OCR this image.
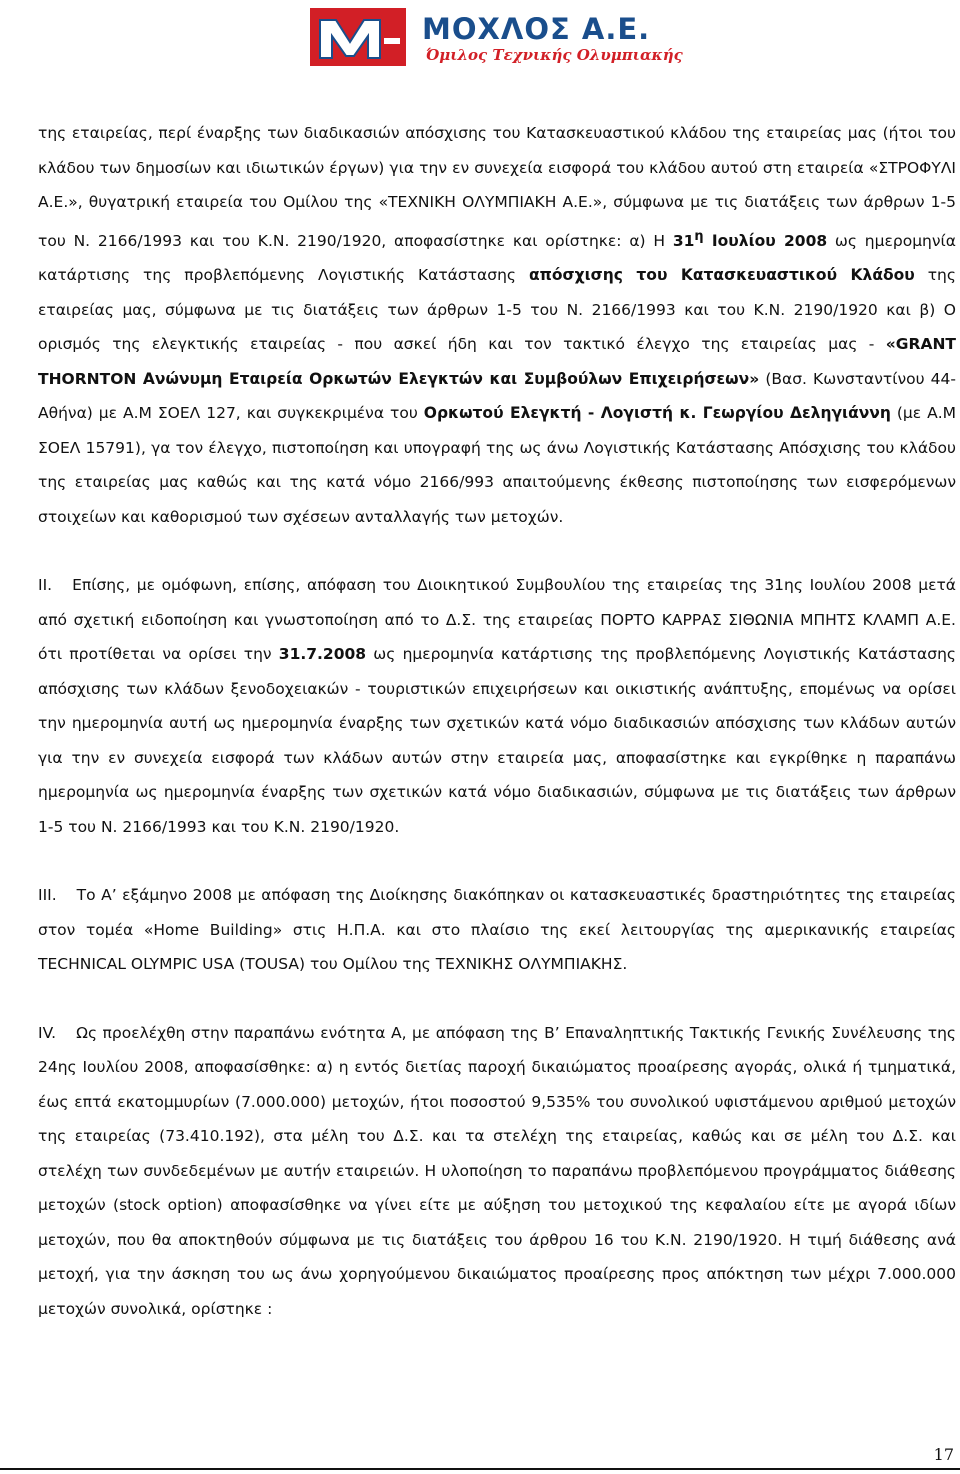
ΜΟΧΛΟΣ Α.Ε.
Όμιλος Τεχνικής Ολυμπιακής

της εταιρείας, περί έναρξης των διαδικασιών απόσχισης του Κατασκευαστικού κλάδου της εταιρείας μας (ήτοι του κλάδου των δημοσίων και ιδιωτικών έργων) για την εν συνεχεία εισφορά του κλάδου αυτού στη εταιρεία «ΣΤΡΟΦΥΛΙ Α.Ε.», θυγατρική εταιρεία του Ομίλου της «ΤΕΧΝΙΚΗ ΟΛΥΜΠΙΑΚΗ Α.Ε.», σύμφωνα με τις διατάξεις των άρθρων 1-5 του Ν. 2166/1993 και του Κ.Ν. 2190/1920, αποφασίστηκε και ορίστηκε: α) Η $31^\eta$ Ιουλίου 2008 ως ημερομηνία κατάρτισης της προβλεπόμενης Λογιστικής Κατάστασης απόσχισης του Κατασκευαστικού Κλάδου της εταιρείας μας, σύμφωνα με τις διατάξεις των άρθρων 1-5 του Ν. 2166/1993 και του Κ.Ν. 2190/1920 και β) Ο ορισμός της ελεγκτικής εταιρείας - που ασκεί ήδη και τον τακτικό έλεγχο της εταιρείας μας - «GRANT THORNTON Ανώνυμη Εταιρεία Ορκωτών Ελεγκτών και Συμβούλων Επιχειρήσεων» (Βασ. Κωνσταντίνου 44- Αθήνα) με Α.Μ ΣΟΕΛ 127, και συγκεκριμένα του Ορκωτού Ελεγκτή - Λογιστή κ. Γεωργίου Δεληγιάννη (με Α.Μ ΣΟΕΛ 15791), γα τον έλεγχο, πιστοποίηση και υπογραφή της ως άνω Λογιστικής Κατάστασης Απόσχισης του κλάδου της εταιρείας μας καθώς και της κατά νόμο 2166/993 απαιτούμενης έκθεσης πιστοποίησης των εισφερόμενων στοιχείων και καθορισμού των σχέσεων ανταλλαγής των μετοχών.

II. Επίσης, με ομόφωνη, επίσης, απόφαση του Διοικητικού Συμβουλίου της εταιρείας της 31ης Ιουλίου 2008 μετά από σχετική ειδοποίηση και γνωστοποίηση από το Δ.Σ. της εταιρείας ΠΟΡΤΟ ΚΑΡΡΑΣ ΣΙΘΩΝΙΑ ΜΠΗΤΣ ΚΛΑΜΠ Α.Ε. ότι προτίθεται να ορίσει την 31.7.2008 ως ημερομηνία κατάρτισης της προβλεπόμενης Λογιστικής Κατάστασης απόσχισης των κλάδων ξενοδοχειακών - τουριστικών επιχειρήσεων και οικιστικής ανάπτυξης, επομένως να ορίσει την ημερομηνία αυτή ως ημερομηνία έναρξης των σχετικών κατά νόμο διαδικασιών απόσχισης των κλάδων αυτών για την εν συνεχεία εισφορά των κλάδων αυτών στην εταιρεία μας, αποφασίστηκε και εγκρίθηκε η παραπάνω ημερομηνία ως ημερομηνία έναρξης των σχετικών κατά νόμο διαδικασιών, σύμφωνα με τις διατάξεις των άρθρων 1-5 του Ν. 2166/1993 και του Κ.Ν. 2190/1920.

III. Το Α’ εξάμηνο 2008 με απόφαση της Διοίκησης διακόπηκαν οι κατασκευαστικές δραστηριότητες της εταιρείας στον τομέα «Home Building» στις Η.Π.Α. και στο πλαίσιο της εκεί λειτουργίας της αμερικανικής εταιρείας TECHNICAL OLYMPIC USA (TOUSA) του Ομίλου της ΤΕΧΝΙΚΗΣ ΟΛΥΜΠΙΑΚΗΣ.

IV. Ως προελέχθη στην παραπάνω ενότητα Α, με απόφαση της Β’ Επαναληπτικής Τακτικής Γενικής Συνέλευσης της 24ης Ιουλίου 2008, αποφασίσθηκε: α) η εντός διετίας παροχή δικαιώματος προαίρεσης αγοράς, ολικά ή τμηματικά, έως επτά εκατομμυρίων (7.000.000) μετοχών, ήτοι ποσοστού 9,535% του συνολικού υφιστάμενου αριθμού μετοχών της εταιρείας (73.410.192), στα μέλη του Δ.Σ. και τα στελέχη της εταιρείας, καθώς και σε μέλη του Δ.Σ. και στελέχη των συνδεδεμένων με αυτήν εταιρειών. Η υλοποίηση το παραπάνω προβλεπόμενου προγράμματος διάθεσης μετοχών (stock option) αποφασίσθηκε να γίνει είτε με αύξηση του μετοχικού της κεφαλαίου είτε με αγορά ιδίων μετοχών, που θα αποκτηθούν σύμφωνα με τις διατάξεις του άρθρου 16 του Κ.Ν. 2190/1920. Η τιμή διάθεσης ανά μετοχή, για την άσκηση του ως άνω χορηγούμενου δικαιώματος προαίρεσης προς απόκτηση των μέχρι 7.000.000 μετοχών συνολικά, ορίστηκε :

17
